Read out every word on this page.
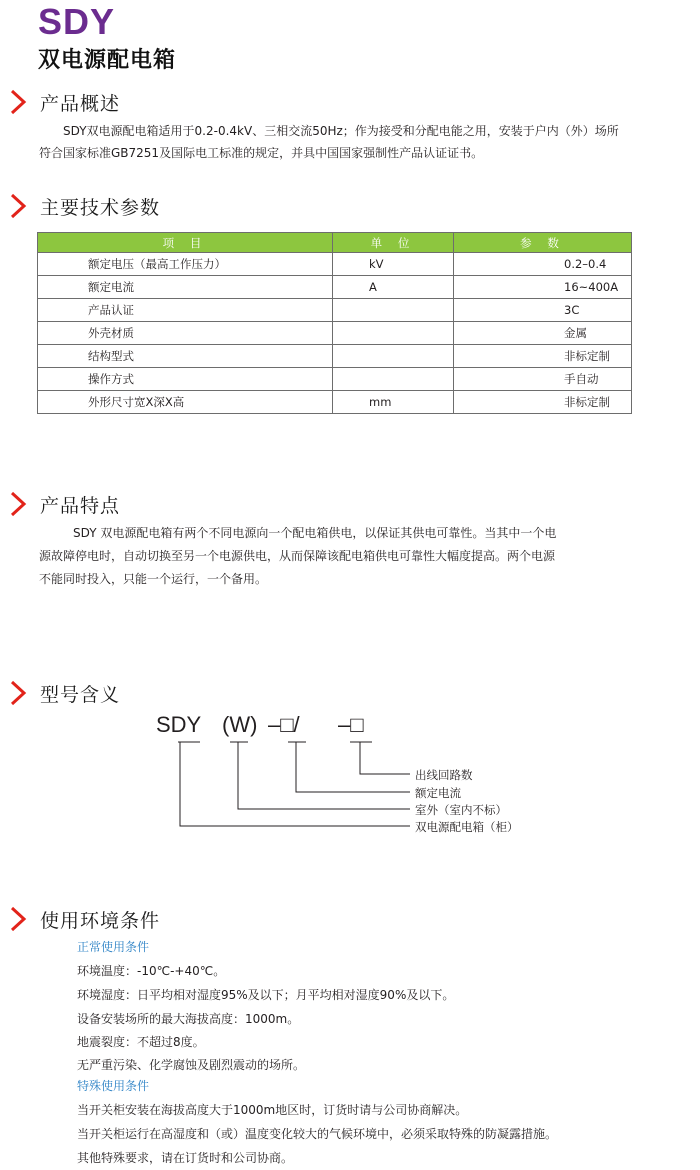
SDY
双电源配电箱
产品概述
SDY双电源配电箱适用于0.2-0.4kV、三相交流50Hz；作为接受和分配电能之用，安装于户内（外）场所
符合国家标准GB7251及国际电工标准的规定，并具中国国家强制性产品认证证书。
主要技术参数
项 目	单 位	参 数
额定电压（最高工作压力）	kV	0.2–0.4
额定电流	A	16~400A
产品认证		3C
外壳材质		金属
结构型式		非标定制
操作方式		手自动
外形尺寸宽X深X高	mm	非标定制
产品特点
SDY 双电源配电箱有两个不同电源向一个配电箱供电，以保证其供电可靠性。当其中一个电
源故障停电时，自动切换至另一个电源供电，从而保障该配电箱供电可靠性大幅度提高。两个电源
不能同时投入，只能一个运行，一个备用。
型号含义
SDY (W) –□/ –□
出线回路数
额定电流
室外（室内不标）
双电源配电箱（柜）
使用环境条件
正常使用条件
环境温度：-10℃-+40℃。
环境湿度：日平均相对湿度95%及以下；月平均相对湿度90%及以下。
设备安装场所的最大海拔高度：1000m。
地震裂度：不超过8度。
无严重污染、化学腐蚀及剧烈震动的场所。
特殊使用条件
当开关柜安装在海拔高度大于1000m地区时，订货时请与公司协商解决。
当开关柜运行在高湿度和（或）温度变化较大的气候环境中，必须采取特殊的防凝露措施。
其他特殊要求，请在订货时和公司协商。
